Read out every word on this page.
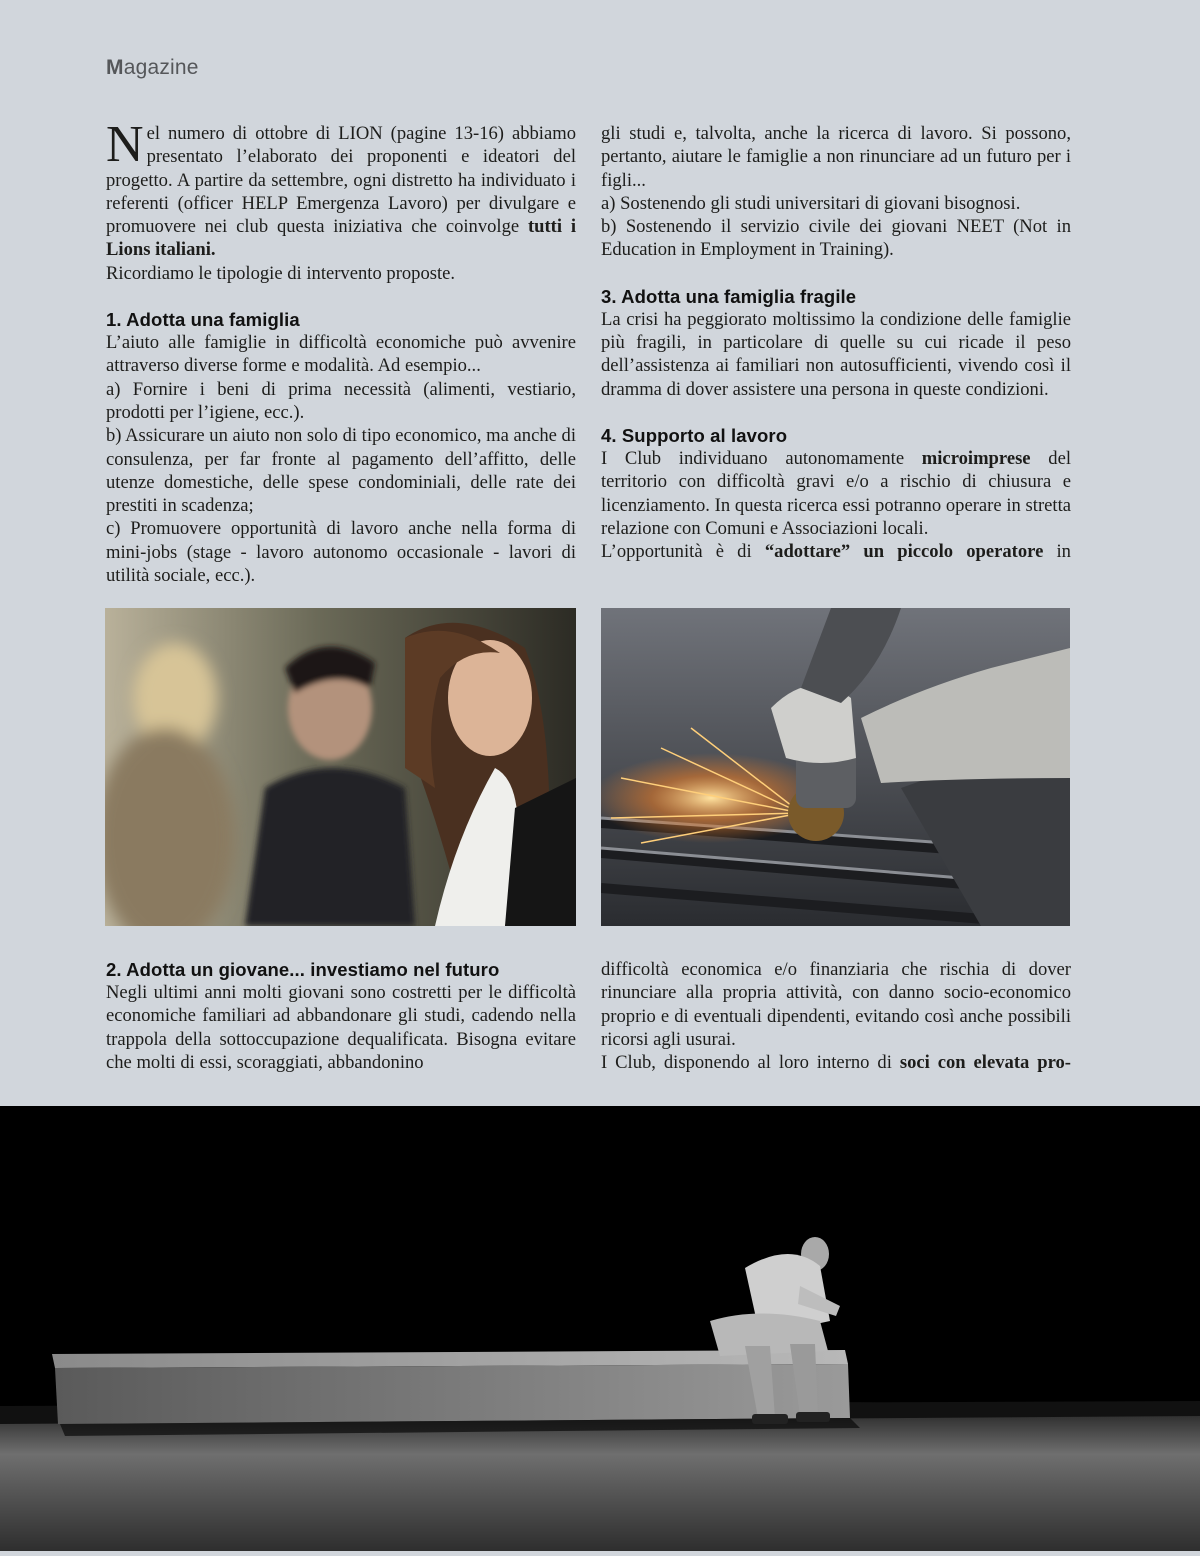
Magazine

Nel numero di ottobre di LION (pagine 13-16) abbiamo presentato l’elaborato dei proponenti e ideatori del progetto. A partire da settembre, ogni distretto ha individuato i referenti (officer HELP Emergenza Lavoro) per divulgare e promuovere nei club questa iniziativa che coinvolge tutti i Lions italiani.

Ricordiamo le tipologie di intervento proposte.

1. Adotta una famiglia

L’aiuto alle famiglie in difficoltà economiche può avvenire attraverso diverse forme e modalità. Ad esempio...

a) Fornire i beni di prima necessità (alimenti, vestiario, prodotti per l’igiene, ecc.).

b) Assicurare un aiuto non solo di tipo economico, ma anche di consulenza, per far fronte al pagamento dell’affitto, delle utenze domestiche, delle spese condominiali, delle rate dei prestiti in scadenza;

c) Promuovere opportunità di lavoro anche nella forma di mini-jobs (stage - lavoro autonomo occasionale - lavori di utilità sociale, ecc.).

gli studi e, talvolta, anche la ricerca di lavoro. Si possono, pertanto, aiutare le famiglie a non rinunciare ad un futuro per i figli...

a) Sostenendo gli studi universitari di giovani bisognosi.

b) Sostenendo il servizio civile dei giovani NEET (Not in Education in Employment in Training).

3. Adotta una famiglia fragile

La crisi ha peggiorato moltissimo la condizione delle famiglie più fragili, in particolare di quelle su cui ricade il peso dell’assistenza ai familiari non autosufficienti, vivendo così il dramma di dover assistere una persona in queste condizioni.

4. Supporto al lavoro

I Club individuano autonomamente microimprese del territorio con difficoltà gravi e/o a rischio di chiusura e licenziamento. In questa ricerca essi potranno operare in stretta relazione con Comuni e Associazioni locali.

L’opportunità è di “adottare” un piccolo operatore in

2. Adotta un giovane... investiamo nel futuro

Negli ultimi anni molti giovani sono costretti per le difficoltà economiche familiari ad abbandonare gli studi, cadendo nella trappola della sottoccupazione dequalificata. Bisogna evitare che molti di essi, scoraggiati, abbandonino

difficoltà economica e/o finanziaria che rischia di dover rinunciare alla propria attività, con danno socio-economico proprio e di eventuali dipendenti, evitando così anche possibili ricorsi agli usurai.

I Club, disponendo al loro interno di soci con elevata pro-
